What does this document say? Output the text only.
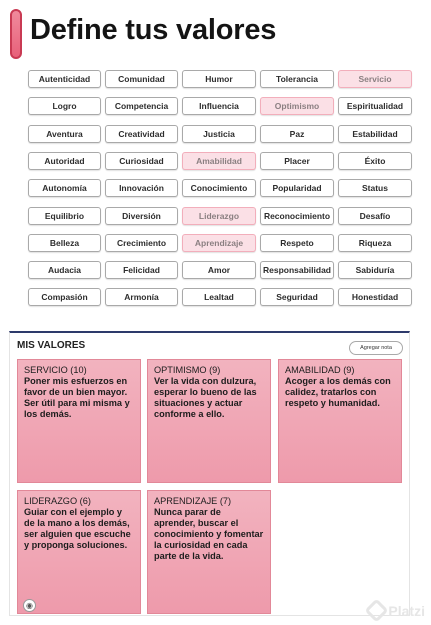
Define tus valores
Autenticidad	Comunidad	Humor	Tolerancia	Servicio
Logro	Competencia	Influencia	Optimismo	Espiritualidad
Aventura	Creatividad	Justicia	Paz	Estabilidad
Autoridad	Curiosidad	Amabilidad	Placer	Éxito
Autonomía	Innovación	Conocimiento	Popularidad	Status
Equilibrio	Diversión	Liderazgo	Reconocimiento	Desafío
Belleza	Crecimiento	Aprendizaje	Respeto	Riqueza
Audacia	Felicidad	Amor	Responsabilidad	Sabiduría
Compasión	Armonía	Lealtad	Seguridad	Honestidad
MIS VALORES	Agregar nota
SERVICIO (10)
Poner mis esfuerzos en favor de un bien mayor. Ser útil para mi misma y los demás.
OPTIMISMO (9)
Ver la vida con dulzura, esperar lo bueno de las situaciones y actuar conforme a ello.
AMABILIDAD (9)
Acoger a los demás con calidez, tratarlos con respeto y humanidad.
LIDERAZGO (6)
Guiar con el ejemplo y de la mano a los demás, ser alguien que escuche y proponga soluciones.
APRENDIZAJE (7)
Nunca parar de aprender, buscar el conocimiento y fomentar la curiosidad en cada parte de la vida.
◉	Platzi
